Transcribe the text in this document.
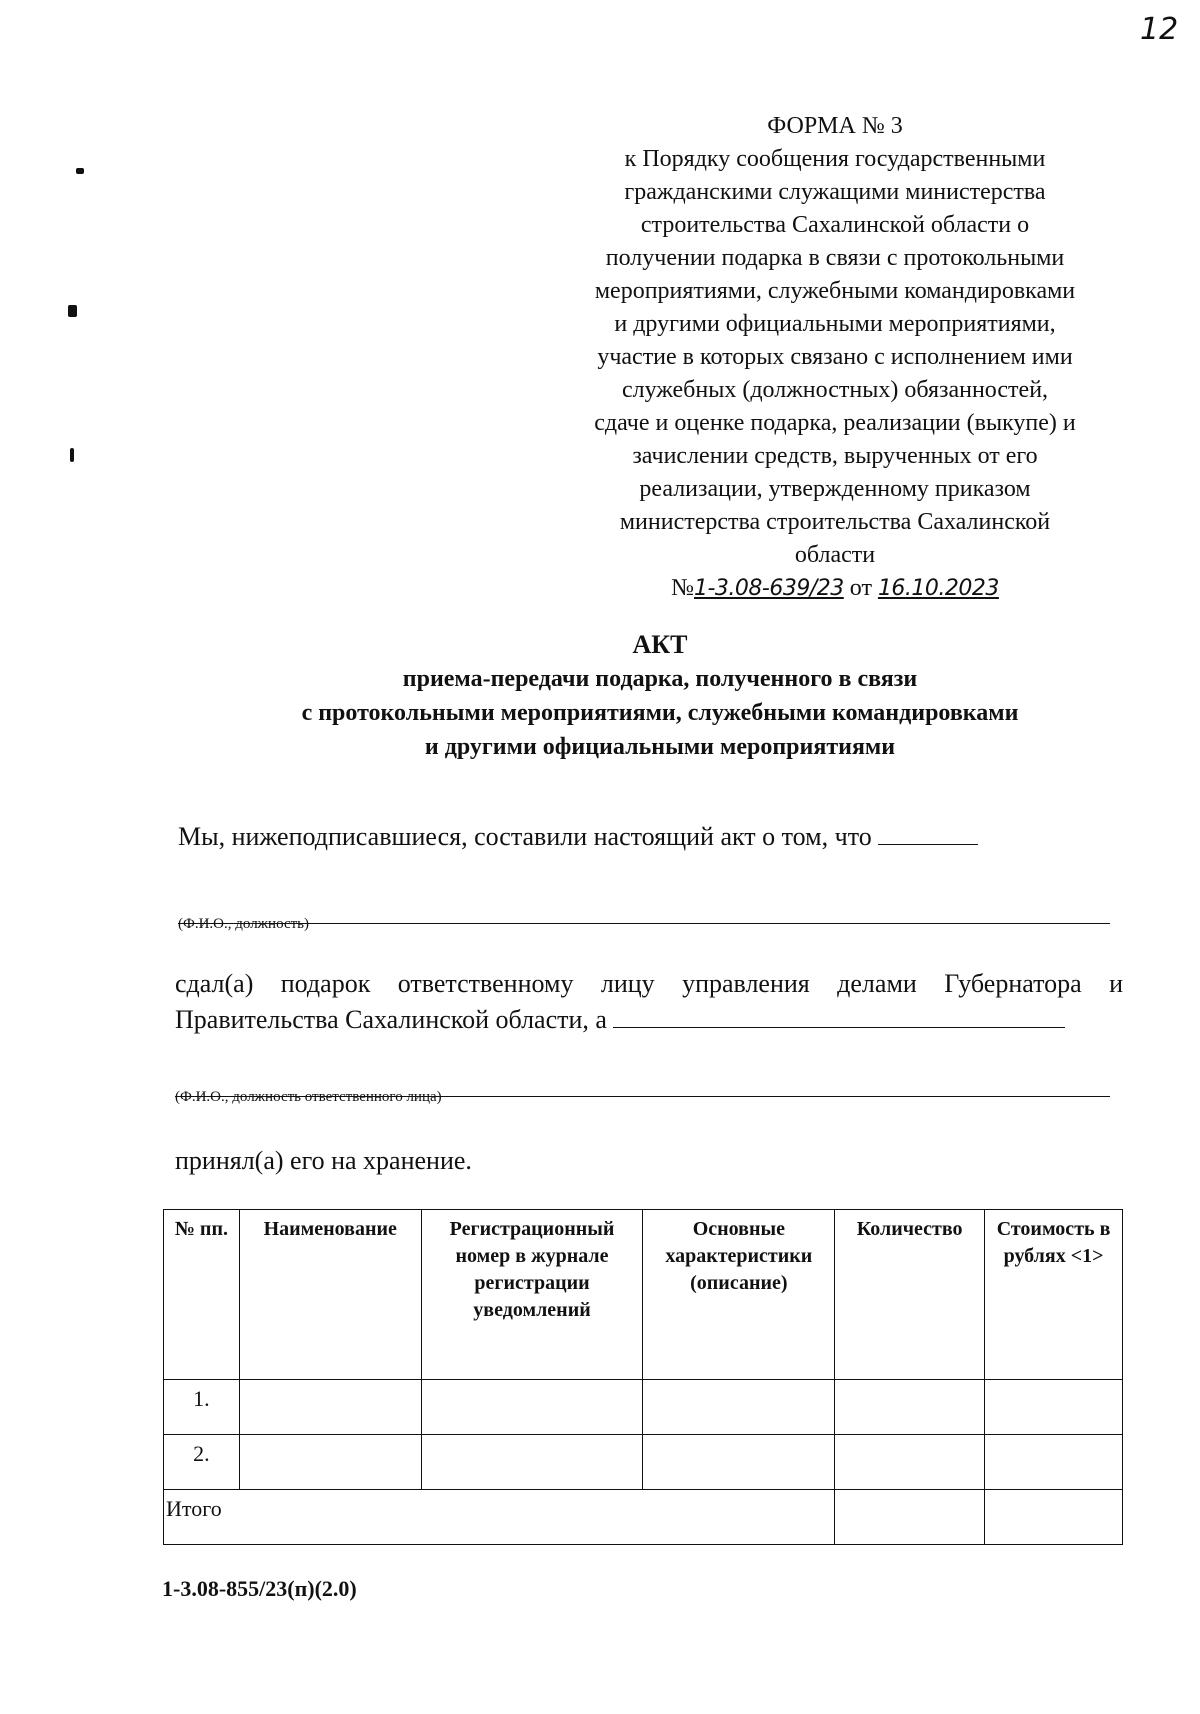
12
ФОРМА № 3
к Порядку сообщения государственными
гражданскими служащими министерства
строительства Сахалинской области о
получении подарка в связи с протокольными
мероприятиями, служебными командировками
и другими официальными мероприятиями,
участие в которых связано с исполнением ими
служебных (должностных) обязанностей,
сдаче и оценке подарка, реализации (выкупе) и
зачислении средств, вырученных от его
реализации, утвержденному приказом
министерства строительства Сахалинской
области
№1-3.08-639/23 от 16.10.2023
АКТ
приема-передачи подарка, полученного в связи
с протокольными мероприятиями, служебными командировками
и другими официальными мероприятиями
Мы, нижеподписавшиеся, составили настоящий акт о том, что
(Ф.И.О., должность)
сдал(а) подарок ответственному лицу управления делами Губернатора и
Правительства Сахалинской области, а
(Ф.И.О., должность ответственного лица)
принял(а) его на хранение.
№ пп.	Наименование	Регистрационный номер в журнале регистрации уведомлений	Основные характеристики (описание)	Количество	Стоимость в рублях <1>
1.					
2.					
Итого					
1-3.08-855/23(п)(2.0)
